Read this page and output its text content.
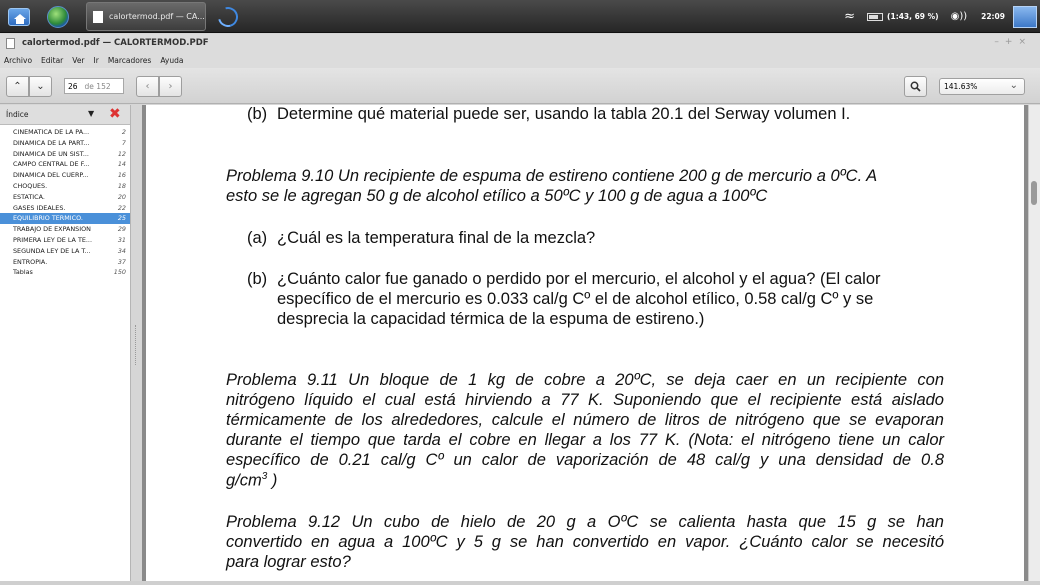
calortermod.pdf — CA...	≈	(1:43, 69 %) ◉)) 22:09
calortermod.pdf — CALORTERMOD.PDF	–+×
Archivo Editar Ver Ir Marcadores Ayuda
⌃ ⌄	26 de 152	‹ ›	141.63%	⌄
Índice	▼ ✖
CINEMATICA DE LA PA...	2
DINAMICA DE LA PART...	7
DINAMICA DE UN SIST...	12
CAMPO CENTRAL DE F...	14
DINAMICA DEL CUERP...	16
CHOQUES.	18
ESTATICA.	20
GASES IDEALES.	22
EQUILIBRIO TERMICO.	25
TRABAJO DE EXPANSION	29
PRIMERA LEY DE LA TE...	31
SEGUNDA LEY DE LA T...	34
ENTROPIA.	37
Tablas	150
(b) Determine qué material puede ser, usando la tabla 20.1 del Serway volumen I.
Problema 9.10 Un recipiente de espuma de estireno contiene 200 g de mercurio a 0ºC. A
esto se le agregan 50 g de alcohol etílico a 50ºC y 100 g de agua a 100ºC
(a) ¿Cuál es la temperatura final de la mezcla?
(b) ¿Cuánto calor fue ganado o perdido por el mercurio, el alcohol y el agua? (El calor
específico de el mercurio es 0.033 cal/g Cº el de alcohol etílico, 0.58 cal/g Cº y se
desprecia la capacidad térmica de la espuma de estireno.)
Problema 9.11 Un bloque de 1 kg de cobre a 20ºC, se deja caer en un recipiente con
nitrógeno líquido el cual está hirviendo a 77 K. Suponiendo que el recipiente está aislado
térmicamente de los alrededores, calcule el número de litros de nitrógeno que se evaporan
durante el tiempo que tarda el cobre en llegar a los 77 K. (Nota: el nitrógeno tiene un calor
específico de 0.21 cal/g Cº un calor de vaporización de 48 cal/g y una densidad de 0.8
$g/cm^3$ )
Problema 9.12 Un cubo de hielo de 20 g a OºC se calienta hasta que 15 g se han
convertido en agua a 100ºC y 5 g se han convertido en vapor. ¿Cuánto calor se necesitó
para lograr esto?
